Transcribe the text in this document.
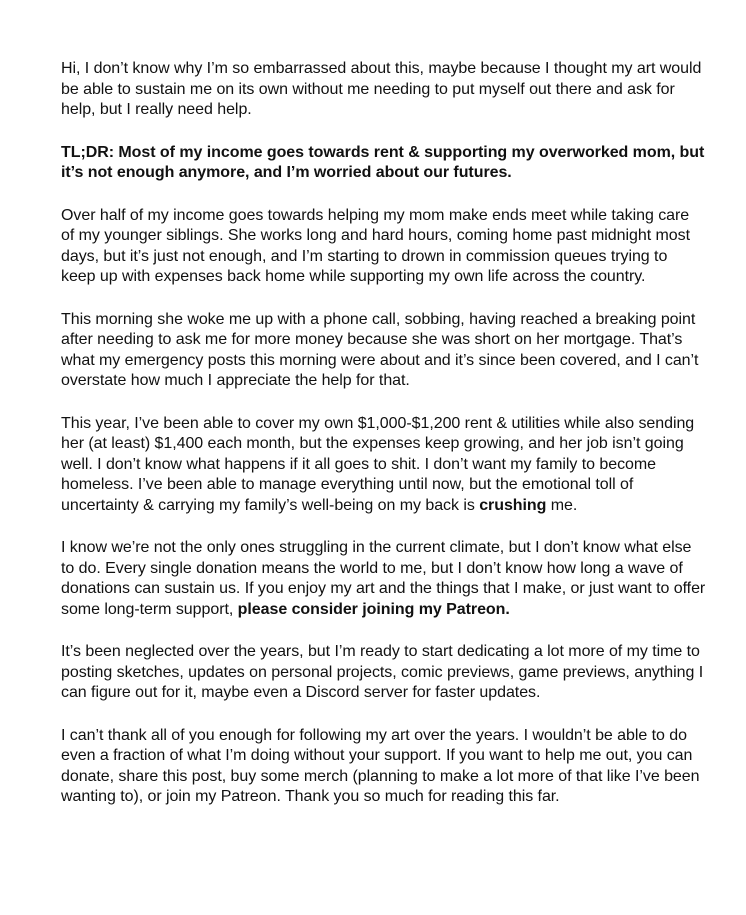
Hi, I don’t know why I’m so embarrassed about this, maybe because I thought my art would be able to sustain me on its own without me needing to put myself out there and ask for help, but I really need help.

TL;DR: Most of my income goes towards rent & supporting my overworked mom, but it’s not enough anymore, and I’m worried about our futures.

Over half of my income goes towards helping my mom make ends meet while taking care of my younger siblings. She works long and hard hours, coming home past midnight most days, but it’s just not enough, and I’m starting to drown in commission queues trying to keep up with expenses back home while supporting my own life across the country.

This morning she woke me up with a phone call, sobbing, having reached a breaking point after needing to ask me for more money because she was short on her mortgage. That’s what my emergency posts this morning were about and it’s since been covered, and I can’t overstate how much I appreciate the help for that.

This year, I’ve been able to cover my own $1,000-$1,200 rent & utilities while also sending her (at least) $1,400 each month, but the expenses keep growing, and her job isn’t going well. I don’t know what happens if it all goes to shit. I don’t want my family to become homeless. I’ve been able to manage everything until now, but the emotional toll of uncertainty & carrying my family’s well-being on my back is crushing me.

I know we’re not the only ones struggling in the current climate, but I don’t know what else to do. Every single donation means the world to me, but I don’t know how long a wave of donations can sustain us. If you enjoy my art and the things that I make, or just want to offer some long-term support, please consider joining my Patreon.

It’s been neglected over the years, but I’m ready to start dedicating a lot more of my time to posting sketches, updates on personal projects, comic previews, game previews, anything I can figure out for it, maybe even a Discord server for faster updates.

I can’t thank all of you enough for following my art over the years. I wouldn’t be able to do even a fraction of what I’m doing without your support. If you want to help me out, you can donate, share this post, buy some merch (planning to make a lot more of that like I’ve been wanting to), or join my Patreon. Thank you so much for reading this far.
